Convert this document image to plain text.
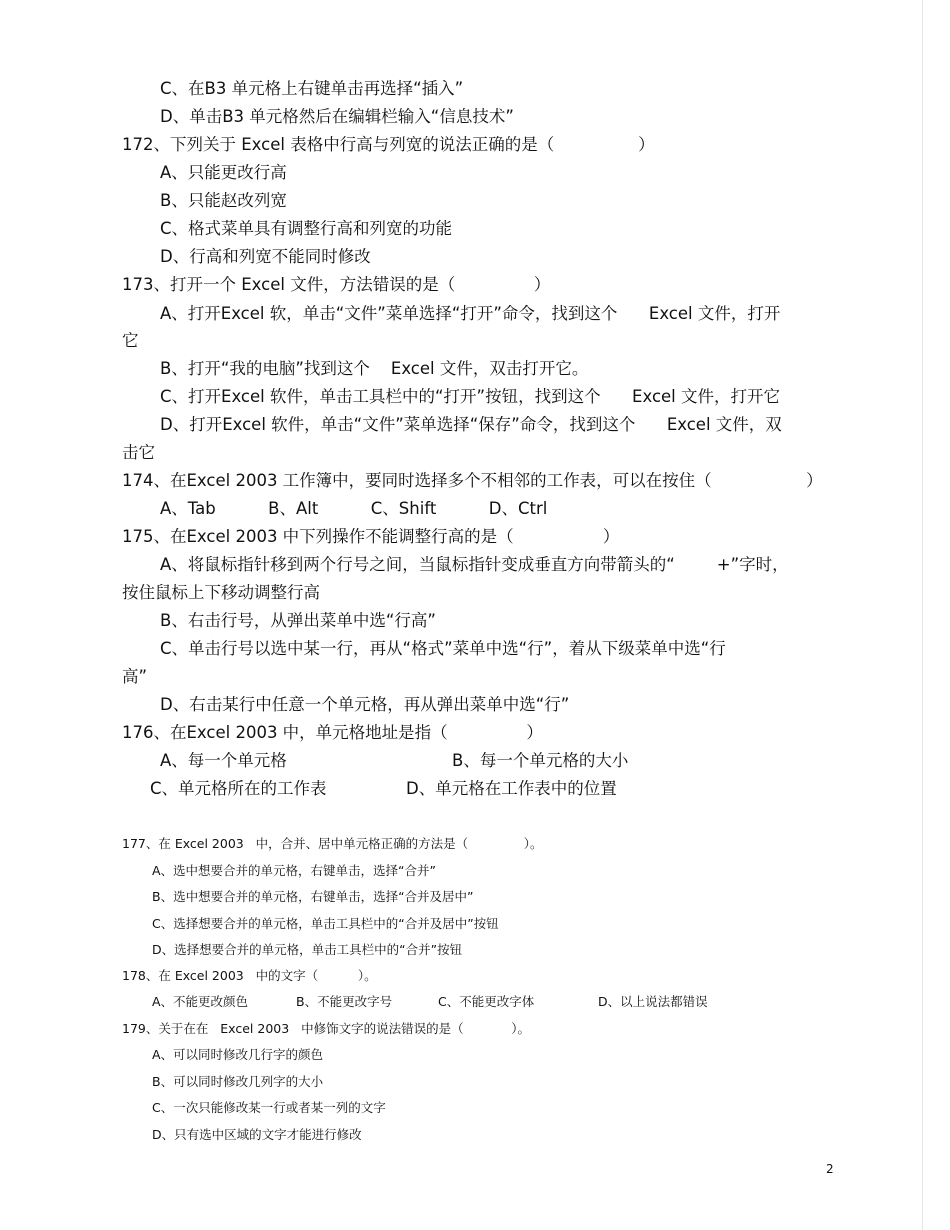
C、在B3 单元格上右键单击再选择“插入”
D、单击B3 单元格然后在编辑栏输入“信息技术”
172、下列关于 Excel 表格中行高与列宽的说法正确的是（                ）
A、只能更改行高
B、只能赵改列宽
C、格式菜单具有调整行高和列宽的功能
D、行高和列宽不能同时修改
173、打开一个 Excel 文件，方法错误的是（               ）
A、打开Excel 软，单击“文件”菜单选择“打开”命令，找到这个      Excel 文件，打开
它
B、打开“我的电脑”找到这个    Excel 文件，双击打开它。
C、打开Excel 软件，单击工具栏中的“打开”按钮，找到这个      Excel 文件，打开它
D、打开Excel 软件，单击“文件”菜单选择“保存”命令，找到这个      Excel 文件，双
击它
174、在Excel 2003 工作簿中，要同时选择多个不相邻的工作表，可以在按住（                  ）
A、Tab          B、Alt          C、Shift          D、Ctrl
175、在Excel 2003 中下列操作不能调整行高的是（                 ）
A、将鼠标指针移到两个行号之间，当鼠标指针变成垂直方向带箭头的“        +”字时，
按住鼠标上下移动调整行高
B、右击行号，从弹出菜单中选“行高”
C、单击行号以选中某一行，再从“格式”菜单中选“行”，着从下级菜单中选“行
高”
D、右击某行中任意一个单元格，再从弹出菜单中选“行”
176、在Excel 2003 中，单元格地址是指（               ）
A、每一个单元格	B、每一个单元格的大小
C、单元格所在的工作表	D、单元格在工作表中的位置
177、在 Excel 2003   中，合并、居中单元格正确的方法是（              ）。
A、选中想要合并的单元格，右键单击，选择“合并”
B、选中想要合并的单元格，右键单击，选择“合并及居中”
C、选择想要合并的单元格，单击工具栏中的“合并及居中”按钮
D、选择想要合并的单元格，单击工具栏中的“合并”按钮
178、在 Excel 2003   中的文字（          ）。
A、不能更改颜色	B、不能更改字号	C、不能更改字体	D、以上说法都错误
179、关于在在   Excel 2003   中修饰文字的说法错误的是（            ）。
A、可以同时修改几行字的颜色
B、可以同时修改几列字的大小
C、一次只能修改某一行或者某一列的文字
D、只有选中区域的文字才能进行修改
2
